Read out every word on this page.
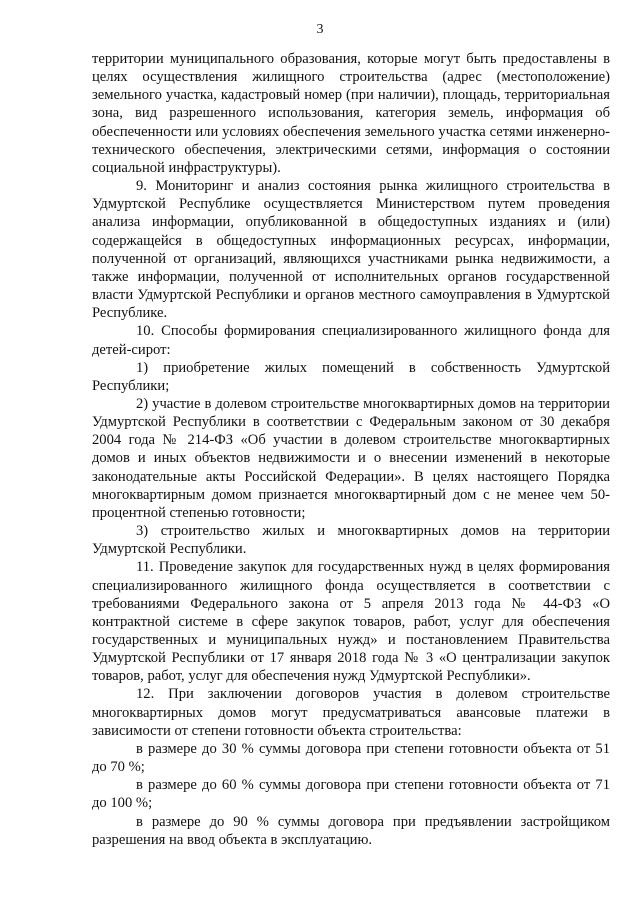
3

территории муниципального образования, которые могут быть предоставлены в целях осуществления жилищного строительства (адрес (местоположение) земельного участка, кадастровый номер (при наличии), площадь, территориальная зона, вид разрешенного использования, категория земель, информация об обеспеченности или условиях обеспечения земельного участка сетями инженерно-технического обеспечения, электрическими сетями, информация о состоянии социальной инфраструктуры).

9. Мониторинг и анализ состояния рынка жилищного строительства в Удмуртской Республике осуществляется Министерством путем проведения анализа информации, опубликованной в общедоступных изданиях и (или) содержащейся в общедоступных информационных ресурсах, информации, полученной от организаций, являющихся участниками рынка недвижимости, а также информации, полученной от исполнительных органов государственной власти Удмуртской Республики и органов местного самоуправления в Удмуртской Республике.

10. Способы формирования специализированного жилищного фонда для детей-сирот:

1) приобретение жилых помещений в собственность Удмуртской Республики;

2) участие в долевом строительстве многоквартирных домов на территории Удмуртской Республики в соответствии с Федеральным законом от 30 декабря 2004 года № 214-ФЗ «Об участии в долевом строительстве многоквартирных домов и иных объектов недвижимости и о внесении изменений в некоторые законодательные акты Российской Федерации». В целях настоящего Порядка многоквартирным домом признается многоквартирный дом с не менее чем 50-процентной степенью готовности;

3) строительство жилых и многоквартирных домов на территории Удмуртской Республики.

11. Проведение закупок для государственных нужд в целях формирования специализированного жилищного фонда осуществляется в соответствии с требованиями Федерального закона от 5 апреля 2013 года № 44-ФЗ «О контрактной системе в сфере закупок товаров, работ, услуг для обеспечения государственных и муниципальных нужд» и постановлением Правительства Удмуртской Республики от 17 января 2018 года № 3 «О централизации закупок товаров, работ, услуг для обеспечения нужд Удмуртской Республики».

12. При заключении договоров участия в долевом строительстве многоквартирных домов могут предусматриваться авансовые платежи в зависимости от степени готовности объекта строительства:

в размере до 30 % суммы договора при степени готовности объекта от 51 до 70 %;

в размере до 60 % суммы договора при степени готовности объекта от 71 до 100 %;

в размере до 90 % суммы договора при предъявлении застройщиком разрешения на ввод объекта в эксплуатацию.
